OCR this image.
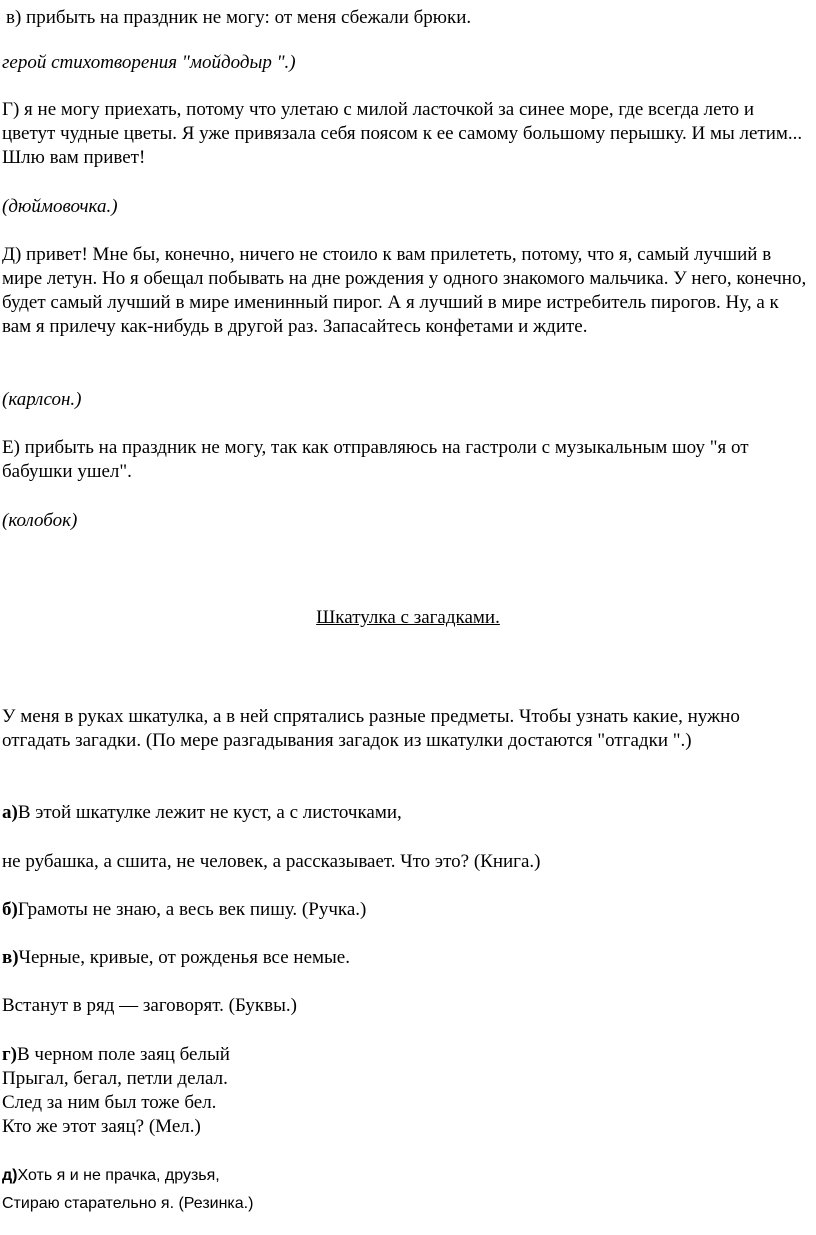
в) прибыть на праздник не могу: от меня сбежали брюки.

герой стихотворения "мойдодыр ".)

Г) я не могу приехать, потому что улетаю с милой ласточкой за синее море, где всегда лето и цветут чудные цветы. Я уже привязала себя поясом к ее самому большому перышку. И мы летим... Шлю вам привет!

(дюймовочка.)

Д) привет! Мне бы, конечно, ничего не стоило к вам прилететь, потому, что я, самый лучший в мире летун. Но я обещал побывать на дне рождения у одного знакомого мальчика. У него, конечно, будет самый лучший в мире именинный пирог. А я лучший в мире истребитель пирогов. Ну, а к вам я прилечу как-нибудь в другой раз. Запасайтесь конфетами и ждите.

(карлсон.)

Е) прибыть на праздник не могу, так как отправляюсь на гастроли с музыкальным шоу "я от бабушки ушел".

(колобок)

Шкатулка с загадками.

У меня в руках шкатулка, а в ней спрятались разные предметы. Чтобы узнать какие, нужно отгадать загадки. (По мере разгадывания загадок из шкатулки достаются "отгадки ".)

а)В этой шкатулке лежит не куст, а с листочками,

не рубашка, а сшита, не человек, а рассказывает. Что это? (Книга.)

б)Грамоты не знаю, а весь век пишу. (Ручка.)

в)Черные, кривые, от рожденья все немые.

Встанут в ряд — заговорят. (Буквы.)

г)В черном поле заяц белый
Прыгал, бегал, петли делал.
След за ним был тоже бел.
Кто же этот заяц? (Мел.)
д)Хоть я и не прачка, друзья,
Стираю старательно я. (Резинка.)
